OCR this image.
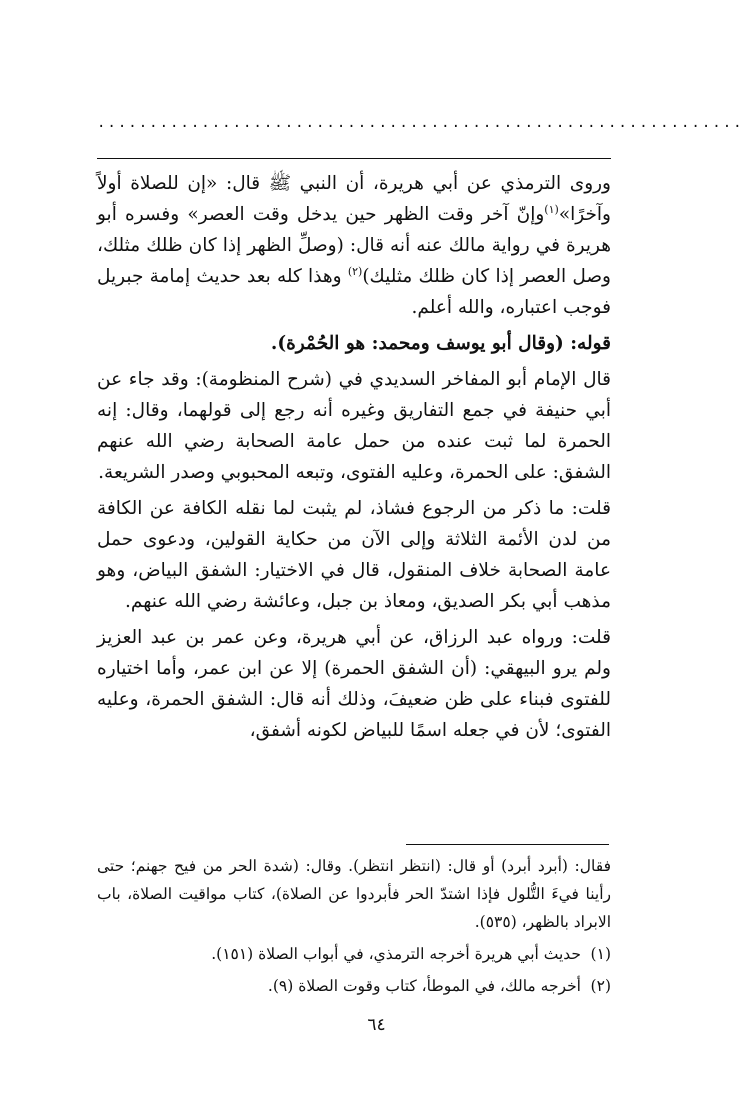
..............................................................

وروى الترمذي عن أبي هريرة، أن النبي ﷺ قال: «إن للصلاة أولاً وآخرًا»$^{(١)}$وإنّ آخر وقت الظهر حين يدخل وقت العصر» وفسره أبو هريرة في رواية مالك عنه أنه قال: (وصلِّ الظهر إذا كان ظلك مثلك، وصل العصر إذا كان ظلك مثليك)$^{(٢)}$ وهذا كله بعد حديث إمامة جبريل فوجب اعتباره، والله أعلم.

قوله: (وقال أبو يوسف ومحمد: هو الحُمْرة).

قال الإمام أبو المفاخر السديدي في (شرح المنظومة): وقد جاء عن أبي حنيفة في جمع التفاريق وغيره أنه رجع إلى قولهما، وقال: إنه الحمرة لما ثبت عنده من حمل عامة الصحابة رضي الله عنهم الشفق: على الحمرة، وعليه الفتوى، وتبعه المحبوبي وصدر الشريعة.

قلت: ما ذكر من الرجوع فشاذ، لم يثبت لما نقله الكافة عن الكافة من لدن الأئمة الثلاثة وإلى الآن من حكاية القولين، ودعوى حمل عامة الصحابة خلاف المنقول، قال في الاختيار: الشفق البياض، وهو مذهب أبي بكر الصديق، ومعاذ بن جبل، وعائشة رضي الله عنهم.

قلت: ورواه عبد الرزاق، عن أبي هريرة، وعن عمر بن عبد العزيز ولم يرو البيهقي: (أن الشفق الحمرة) إلا عن ابن عمر، وأما اختياره للفتوى فبناء على ظن ضعيفَ، وذلك أنه قال: الشفق الحمرة، وعليه الفتوى؛ لأن في جعله اسمًا للبياض لكونه أشفق،

فقال: (أبرد أبرد) أو قال: (انتظر انتظر). وقال: (شدة الحر من فيح جهنم؛ حتى رأينا فيءَ التُّلول فإذا اشتدّ الحر فأبردوا عن الصلاة)، كتاب مواقيت الصلاة، باب الابراد بالظهر، (٥٣٥).

(١)
حديث أبي هريرة أخرجه الترمذي، في أبواب الصلاة (١٥١).
(٢)
أخرجه مالك، في الموطأ، كتاب وقوت الصلاة (٩).
٦٤
